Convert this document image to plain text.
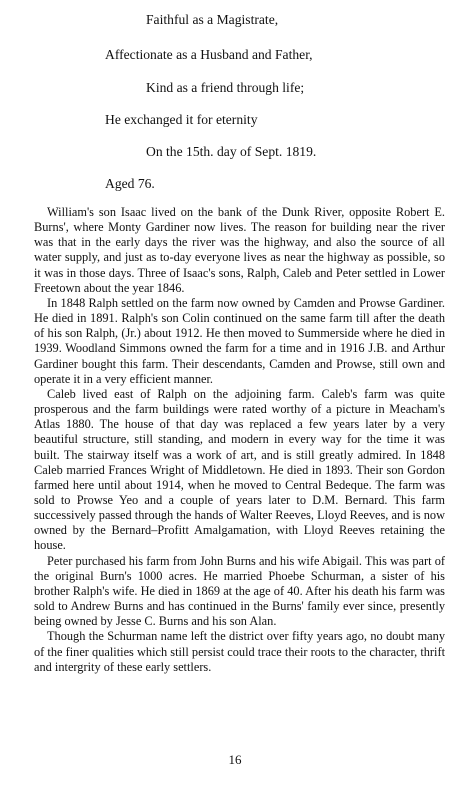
Faithful as a Magistrate,
Affectionate as a Husband and Father,
Kind as a friend through life;
He exchanged it for eternity
On the 15th. day of Sept. 1819.
Aged 76.

William's son Isaac lived on the bank of the Dunk River, opposite Robert E. Burns', where Monty Gardiner now lives. The reason for building near the river was that in the early days the river was the highway, and also the source of all water supply, and just as to-day everyone lives as near the highway as possible, so it was in those days. Three of Isaac's sons, Ralph, Caleb and Peter settled in Lower Freetown about the year 1846.

In 1848 Ralph settled on the farm now owned by Camden and Prowse Gardiner. He died in 1891. Ralph's son Colin continued on the same farm till after the death of his son Ralph, (Jr.) about 1912. He then moved to Summerside where he died in 1939. Woodland Simmons owned the farm for a time and in 1916 J.B. and Arthur Gardiner bought this farm. Their descendants, Camden and Prowse, still own and operate it in a very efficient manner.

Caleb lived east of Ralph on the adjoining farm. Caleb's farm was quite prosperous and the farm buildings were rated worthy of a picture in Meacham's Atlas 1880. The house of that day was replaced a few years later by a very beautiful structure, still standing, and modern in every way for the time it was built. The stairway itself was a work of art, and is still greatly admired. In 1848 Caleb married Frances Wright of Middletown. He died in 1893. Their son Gordon farmed here until about 1914, when he moved to Central Bedeque. The farm was sold to Prowse Yeo and a couple of years later to D.M. Bernard. This farm successively passed through the hands of Walter Reeves, Lloyd Reeves, and is now owned by the Bernard–Profitt Amalgamation, with Lloyd Reeves retaining the house.

Peter purchased his farm from John Burns and his wife Abigail. This was part of the original Burn's 1000 acres. He married Phoebe Schurman, a sister of his brother Ralph's wife. He died in 1869 at the age of 40. After his death his farm was sold to Andrew Burns and has continued in the Burns' family ever since, presently being owned by Jesse C. Burns and his son Alan.

Though the Schurman name left the district over fifty years ago, no doubt many of the finer qualities which still persist could trace their roots to the character, thrift and intergrity of these early settlers.

16
